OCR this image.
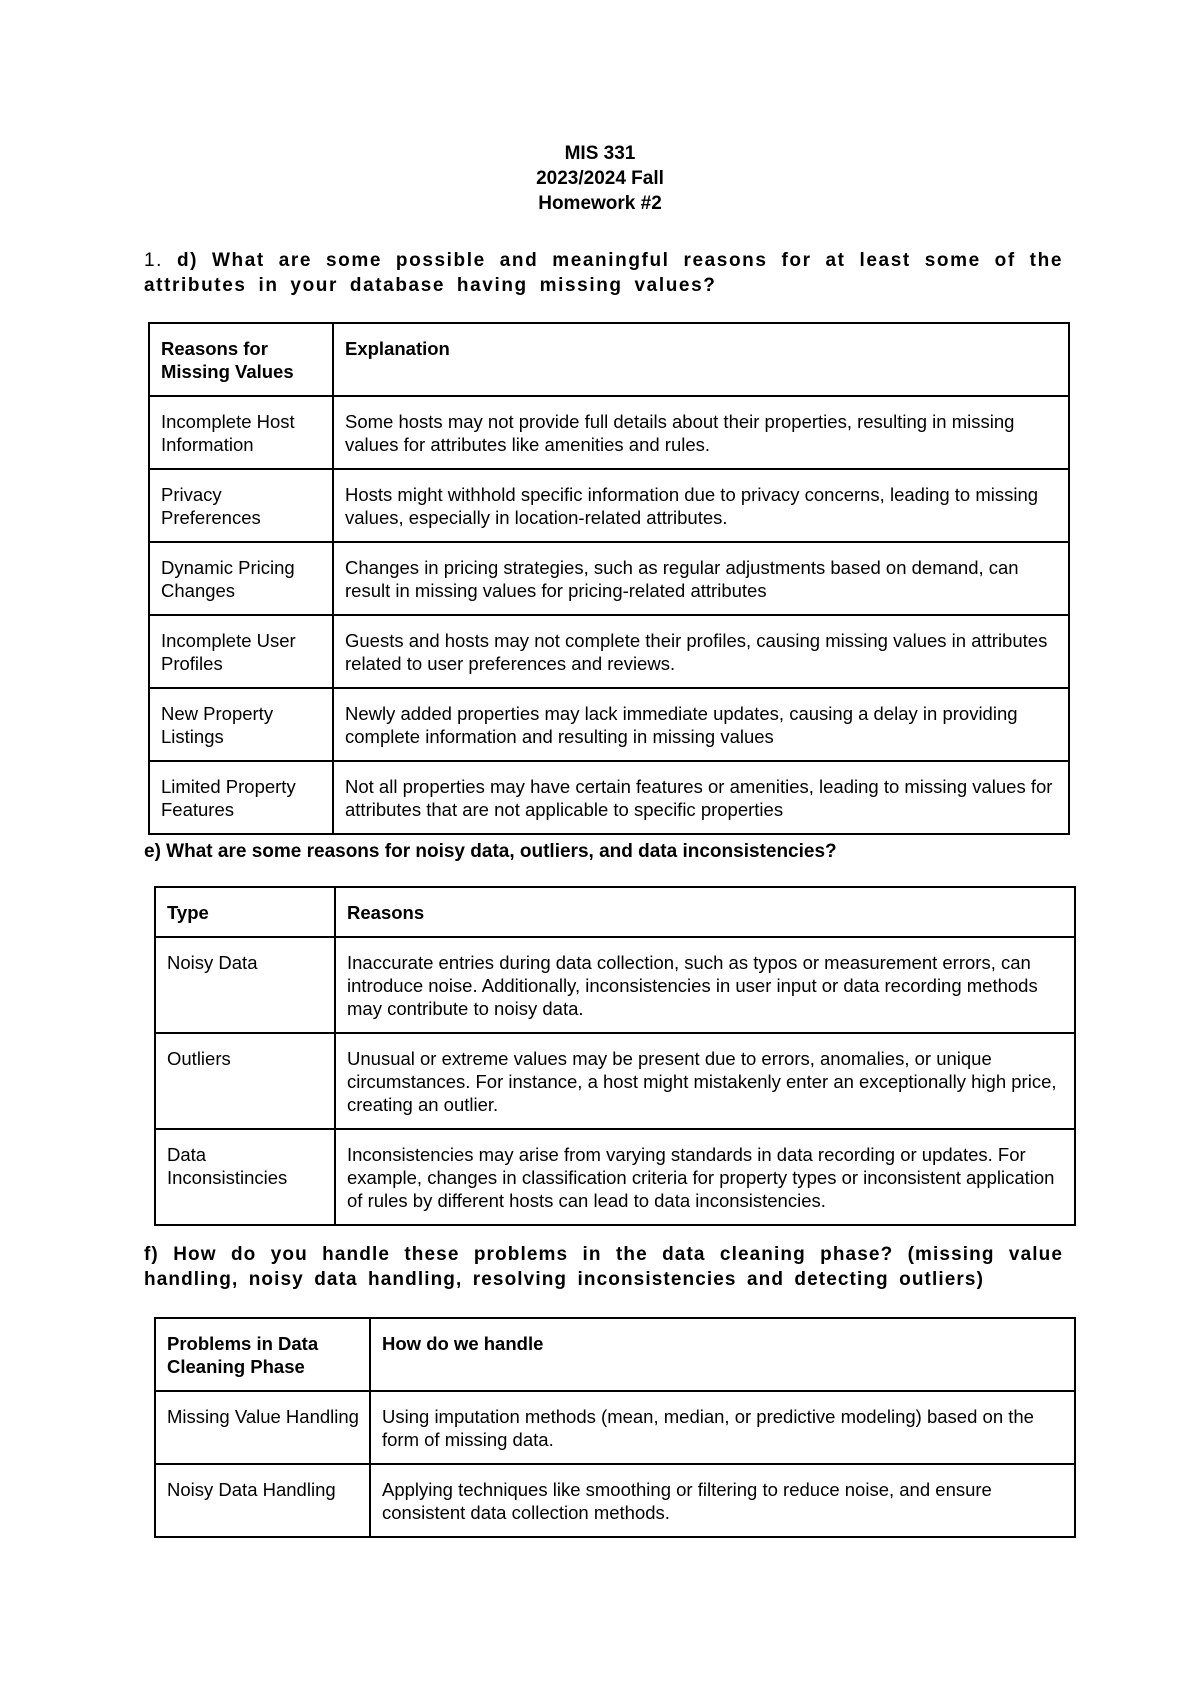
MIS 331
2023/2024 Fall
Homework #2
1. d) What are some possible and meaningful reasons for at least some of the attributes in your database having missing values?
Reasons for Missing Values	Explanation
Incomplete Host Information	Some hosts may not provide full details about their properties, resulting in missing values for attributes like amenities and rules.
Privacy Preferences	Hosts might withhold specific information due to privacy concerns, leading to missing values, especially in location-related attributes.
Dynamic Pricing Changes	Changes in pricing strategies, such as regular adjustments based on demand, can result in missing values for pricing-related attributes
Incomplete User Profiles	Guests and hosts may not complete their profiles, causing missing values in attributes related to user preferences and reviews.
New Property Listings	Newly added properties may lack immediate updates, causing a delay in providing complete information and resulting in missing values
Limited Property Features	Not all properties may have certain features or amenities, leading to missing values for attributes that are not applicable to specific properties
e) What are some reasons for noisy data, outliers, and data inconsistencies?
Type	Reasons
Noisy Data	Inaccurate entries during data collection, such as typos or measurement errors, can introduce noise. Additionally, inconsistencies in user input or data recording methods may contribute to noisy data.
Outliers	Unusual or extreme values may be present due to errors, anomalies, or unique circumstances. For instance, a host might mistakenly enter an exceptionally high price, creating an outlier.
Data Inconsistincies	Inconsistencies may arise from varying standards in data recording or updates. For example, changes in classification criteria for property types or inconsistent application of rules by different hosts can lead to data inconsistencies.
f) How do you handle these problems in the data cleaning phase? (missing value handling, noisy data handling, resolving inconsistencies and detecting outliers)
Problems in Data Cleaning Phase	How do we handle
Missing Value Handling	Using imputation methods (mean, median, or predictive modeling) based on the form of missing data.
Noisy Data Handling	Applying techniques like smoothing or filtering to reduce noise, and ensure consistent data collection methods.
